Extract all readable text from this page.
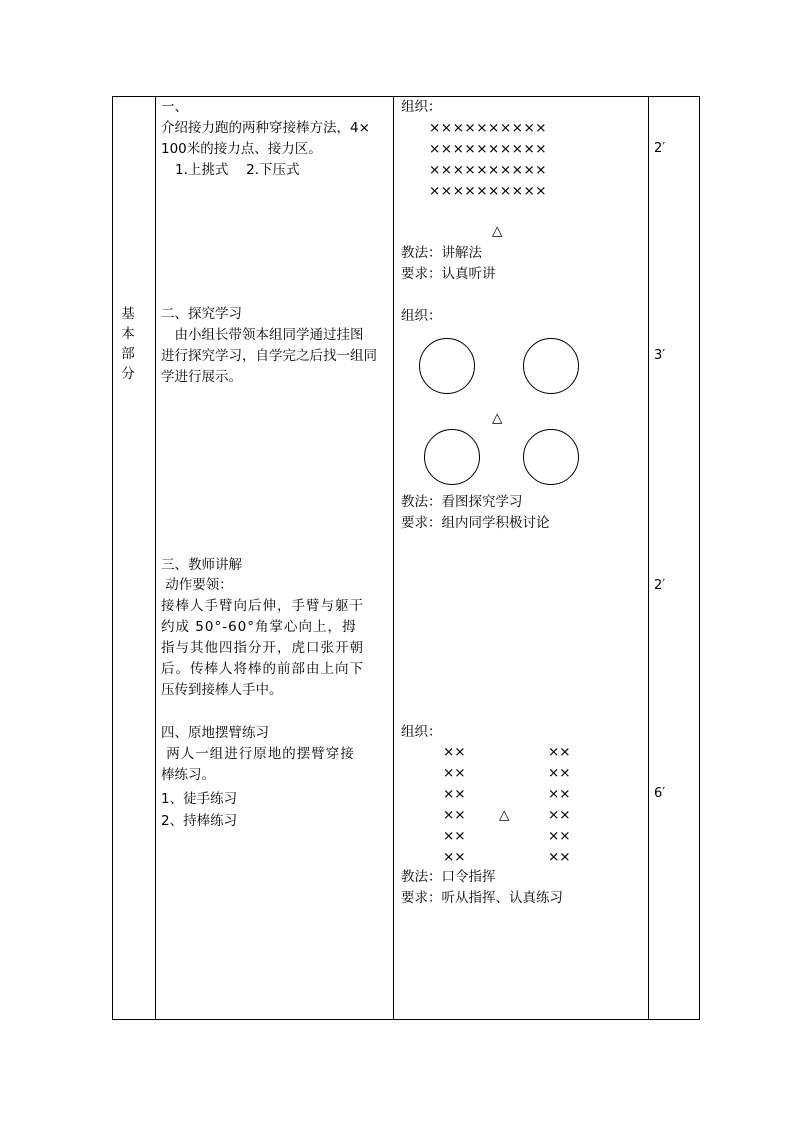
基
本
部
分
一、
介绍接力跑的两种穿接棒方法，4×
100米的接力点、接力区。
1.上挑式　 2.下压式
组织：
××××××××××
××××××××××
××××××××××
××××××××××
△
教法：讲解法
要求：认真听讲
2′
二、探究学习
　由小组长带领本组同学通过挂图
进行探究学习，自学完之后找一组同
学进行展示。
组织：
△
教法：看图探究学习
要求：组内同学积极讨论
3′
三、教师讲解
动作要领：
接棒人手臂向后伸，手臂与躯干
约成 50°-60°角掌心向上，拇
指与其他四指分开，虎口张开朝
后。传棒人将棒的前部由上向下
压传到接棒人手中。
2′
四、原地摆臂练习
两人一组进行原地的摆臂穿接
棒练习。
1、徒手练习
2、持棒练习
组织：
××
××
××
××
××
××
××
××
××
××
××
××
△
教法：口令指挥
要求：听从指挥、认真练习
6′
